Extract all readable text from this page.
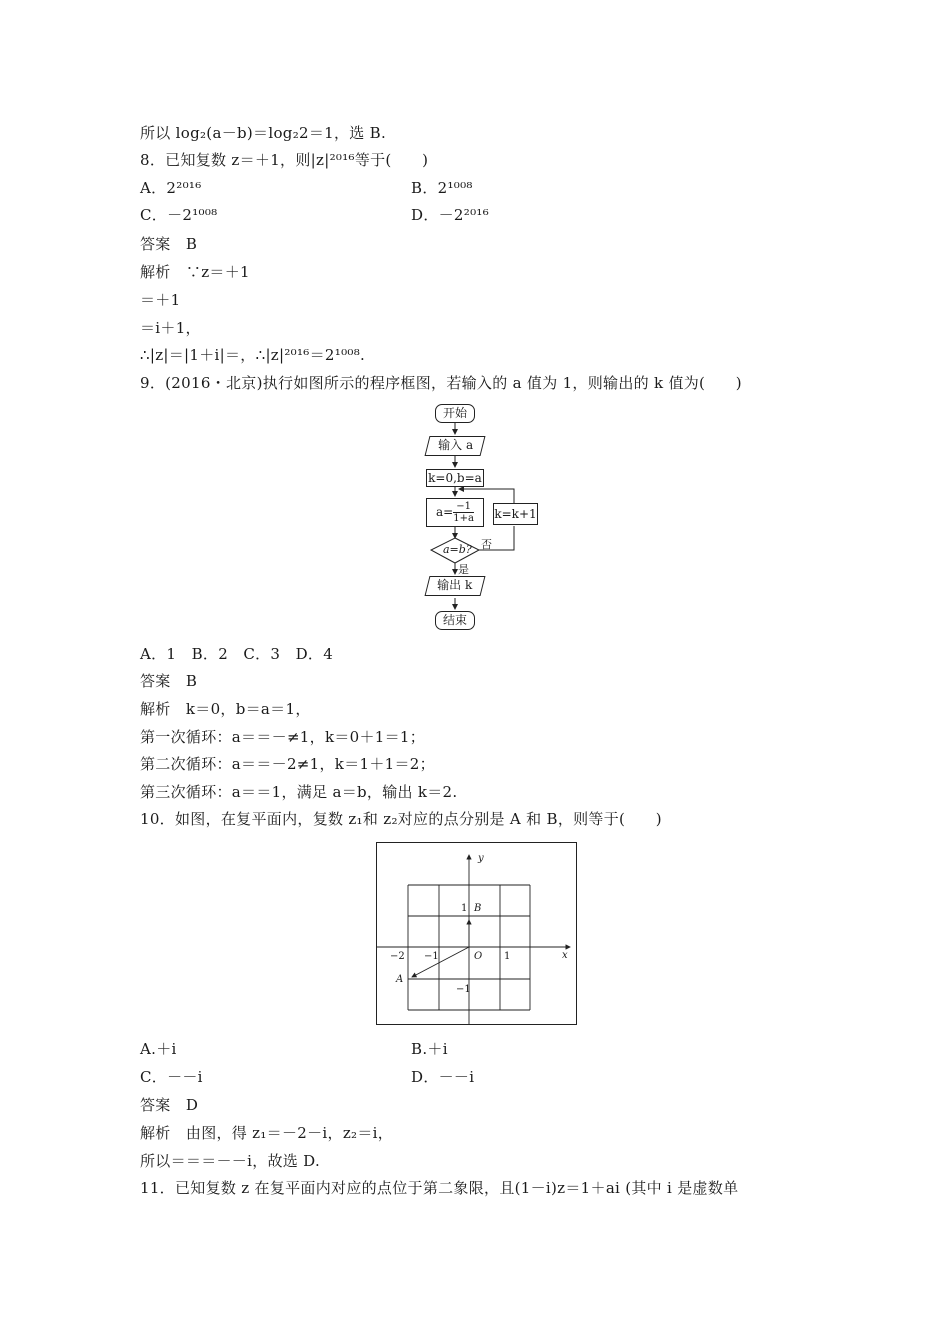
所以 log₂(a－b)＝log₂2＝1，选 B.
8．已知复数 z＝＋1，则|z|²⁰¹⁶等于(　　)
A．2²⁰¹⁶	B．2¹⁰⁰⁸
C．－2¹⁰⁰⁸	D．－2²⁰¹⁶
答案　B
解析　∵z＝＋1
＝＋1
＝i＋1，
∴|z|＝|1＋i|＝，∴|z|²⁰¹⁶＝2¹⁰⁰⁸.
9．(2016・北京)执行如图所示的程序框图，若输入的 a 值为 1，则输出的 k 值为(　　)
开始
输入 a
k=0,b=a
$a= \frac{-1}{1+a} k=k+1$
a=b? 否
是
输出 k
结束
A．1　B．2　C．3　D．4
答案　B
解析　k＝0，b＝a＝1，
第一次循环：a＝＝－≠1，k＝0＋1＝1；
第二次循环：a＝＝－2≠1，k＝1＋1＝2；
第三次循环：a＝＝1，满足 a＝b，输出 k＝2.
10．如图，在复平面内，复数 z₁和 z₂对应的点分别是 A 和 B，则等于(　　)
y
x
O
−2 −1	1
1
−1
B
A
A.＋i	B.＋i
C．－－i	D．－－i
答案　D
解析　由图，得 z₁＝－2－i，z₂＝i，
所以＝＝＝－－i，故选 D.
11．已知复数 z 在复平面内对应的点位于第二象限，且(1－i)z＝1＋ai (其中 i 是虚数单
